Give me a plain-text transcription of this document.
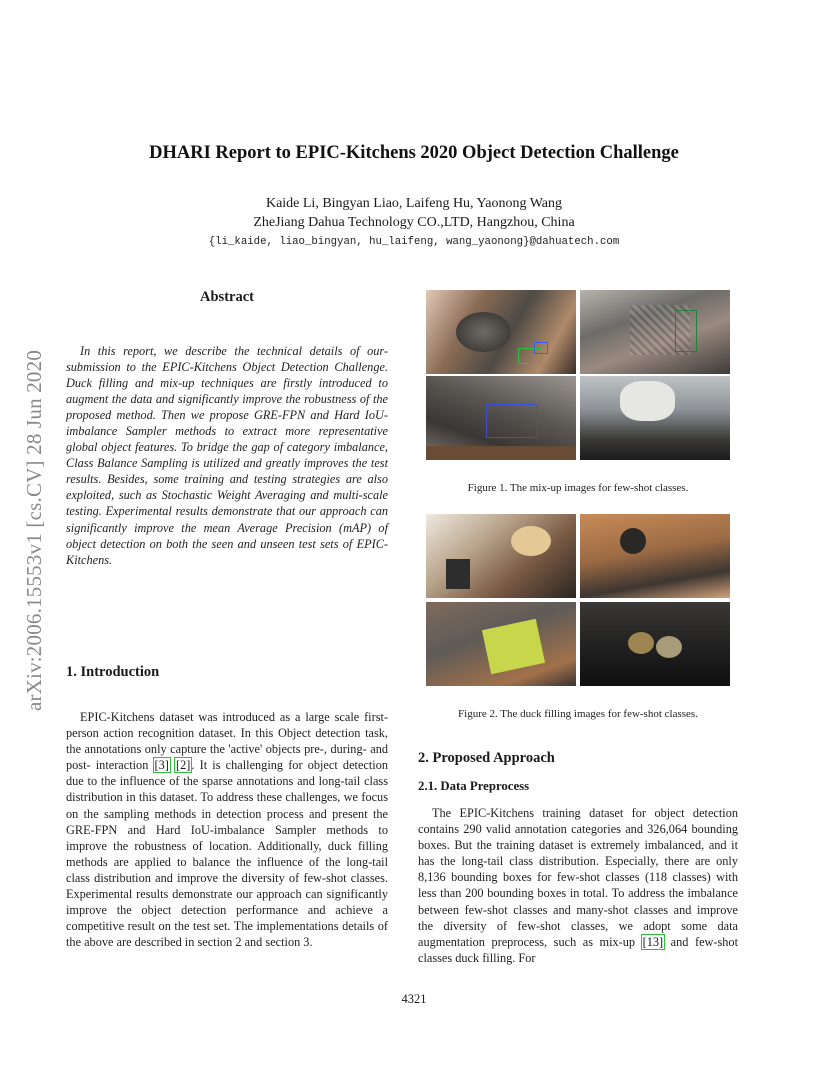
arXiv:2006.15553v1 [cs.CV] 28 Jun 2020
DHARI Report to EPIC-Kitchens 2020 Object Detection Challenge
Kaide Li, Bingyan Liao, Laifeng Hu, Yaonong Wang
ZheJiang Dahua Technology CO.,LTD, Hangzhou, China
{li_kaide, liao_bingyan, hu_laifeng, wang_yaonong}@dahuatech.com
Abstract
In this report, we describe the technical details of our-submission to the EPIC-Kitchens Object Detection Challenge. Duck filling and mix-up techniques are firstly introduced to augment the data and significantly improve the robustness of the proposed method. Then we propose GRE-FPN and Hard IoU-imbalance Sampler methods to extract more representative global object features. To bridge the gap of category imbalance, Class Balance Sampling is utilized and greatly improves the test results. Besides, some training and testing strategies are also exploited, such as Stochastic Weight Averaging and multi-scale testing. Experimental results demonstrate that our approach can significantly improve the mean Average Precision (mAP) of object detection on both the seen and unseen test sets of EPIC-Kitchens.
1. Introduction
EPIC-Kitchens dataset was introduced as a large scale first-person action recognition dataset. In this Object detection task, the annotations only capture the 'active' objects pre-, during- and post- interaction [3] [2]. It is challenging for object detection due to the influence of the sparse annotations and long-tail class distribution in this dataset. To address these challenges, we focus on the sampling methods in detection process and present the GRE-FPN and Hard IoU-imbalance Sampler methods to improve the robustness of location. Additionally, duck filling methods are applied to balance the influence of the long-tail class distribution and improve the diversity of few-shot classes. Experimental results demonstrate our approach can significantly improve the object detection performance and achieve a competitive result on the test set. The implementations details of the above are described in section 2 and section 3.
Figure 1. The mix-up images for few-shot classes.
Figure 2. The duck filling images for few-shot classes.
2. Proposed Approach
2.1. Data Preprocess
The EPIC-Kitchens training dataset for object detection contains 290 valid annotation categories and 326,064 bounding boxes. But the training dataset is extremely imbalanced, and it has the long-tail class distribution. Especially, there are only 8,136 bounding boxes for few-shot classes (118 classes) with less than 200 bounding boxes in total. To address the imbalance between few-shot classes and many-shot classes and improve the diversity of few-shot classes, we adopt some data augmentation preprocess, such as mix-up [13] and few-shot classes duck filling. For
4321
